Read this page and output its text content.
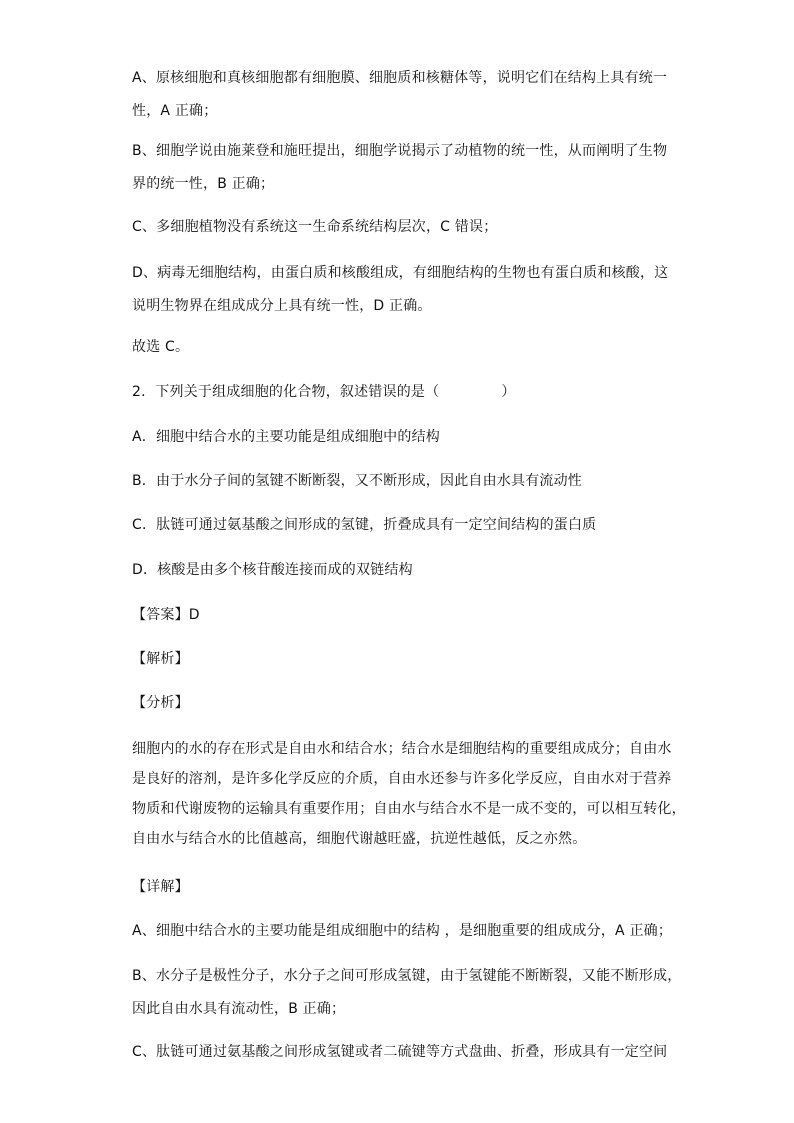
A、原核细胞和真核细胞都有细胞膜、细胞质和核糖体等，说明它们在结构上具有统一
性，A 正确；
B、细胞学说由施莱登和施旺提出，细胞学说揭示了动植物的统一性，从而阐明了生物
界的统一性，B 正确；
C、多细胞植物没有系统这一生命系统结构层次，C 错误；
D、病毒无细胞结构，由蛋白质和核酸组成，有细胞结构的生物也有蛋白质和核酸，这
说明生物界在组成成分上具有统一性，D 正确。
故选 C。
2．下列关于组成细胞的化合物，叙述错误的是（	）
A．细胞中结合水的主要功能是组成细胞中的结构
B．由于水分子间的氢键不断断裂，又不断形成，因此自由水具有流动性
C．肽链可通过氨基酸之间形成的氢键，折叠成具有一定空间结构的蛋白质
D．核酸是由多个核苷酸连接而成的双链结构
【答案】D
【解析】
【分析】
细胞内的水的存在形式是自由水和结合水；结合水是细胞结构的重要组成成分；自由水
是良好的溶剂，是许多化学反应的介质，自由水还参与许多化学反应，自由水对于营养
物质和代谢废物的运输具有重要作用；自由水与结合水不是一成不变的，可以相互转化，
自由水与结合水的比值越高，细胞代谢越旺盛，抗逆性越低，反之亦然。
【详解】
A、细胞中结合水的主要功能是组成细胞中的结构 ，是细胞重要的组成成分，A 正确；
B、水分子是极性分子，水分子之间可形成氢键，由于氢键能不断断裂，又能不断形成，
因此自由水具有流动性，B 正确；
C、肽链可通过氨基酸之间形成氢键或者二硫键等方式盘曲、折叠，形成具有一定空间
